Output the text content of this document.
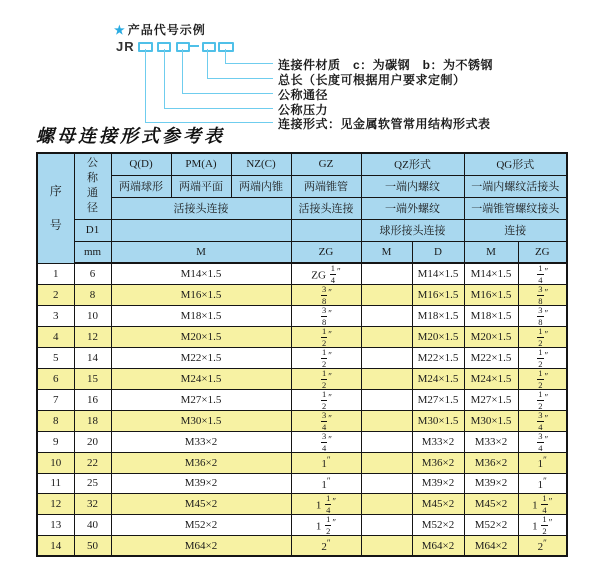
★ 产品代号示例
JR
连接件材质　c：为碳钢　b：为不锈钢
总长（长度可根据用户要求定制）
公称通径
公称压力
连接形式：见金属软管常用结构形式表
螺母连接形式参考表
序
号	公
称
通
径	Q(D)	PM(A)	NZ(C)	GZ	QZ形式		QG形式	
		两端球形	两端平面	两端内锥	两端锥管	一端内螺纹		一端内螺纹活接头	
		活接头连接			活接头连接	一端外螺纹		一端锥管螺纹接头	
	D1					球形接头连接		连接	
	mm	M			ZG	M	D	M	ZG
1	6	M14×1.5			ZG $\frac{1}{4} ''$		M14×1.5	M14×1.5	$\frac{1}{4} ''$
2	8	M16×1.5			$\frac{3}{8} ''$		M16×1.5	M16×1.5	$\frac{3}{8} ''$
3	10	M18×1.5			$\frac{3}{8} ''$		M18×1.5	M18×1.5	$\frac{3}{8} ''$
4	12	M20×1.5			$\frac{1}{2} ''$		M20×1.5	M20×1.5	$\frac{1}{2} ''$
5	14	M22×1.5			$\frac{1}{2} ''$		M22×1.5	M22×1.5	$\frac{1}{2} ''$
6	15	M24×1.5			$\frac{1}{2} ''$		M24×1.5	M24×1.5	$\frac{1}{2} ''$
7	16	M27×1.5			$\frac{1}{2} ''$		M27×1.5	M27×1.5	$\frac{1}{2} ''$
8	18	M30×1.5			$\frac{3}{4} ''$		M30×1.5	M30×1.5	$\frac{3}{4} ''$
9	20	M33×2			$\frac{3}{4} ''$		M33×2	M33×2	$\frac{3}{4} ''$
10	22	M36×2			1″		M36×2	M36×2	1″
11	25	M39×2			1″		M39×2	M39×2	1″
12	32	M45×2			$1 \frac{1}{4} ''$		M45×2	M45×2	$1 \frac{1}{4} ''$
13	40	M52×2			$1 \frac{1}{2} ''$		M52×2	M52×2	$1 \frac{1}{2} ''$
14	50	M64×2			2″		M64×2	M64×2	2″
